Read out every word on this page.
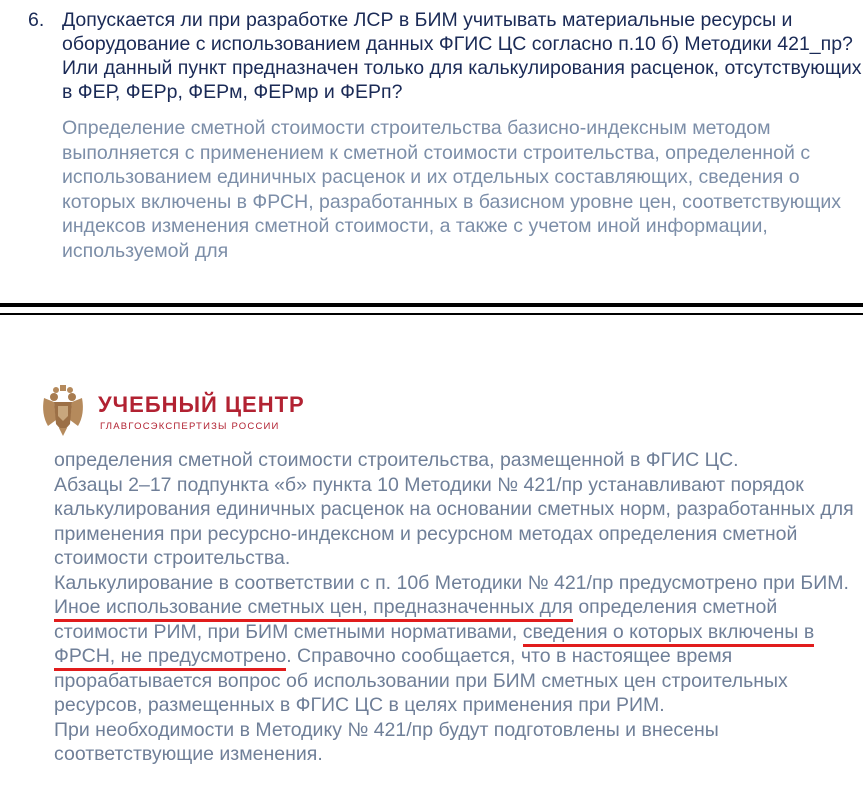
6. Допускается ли при разработке ЛСР в БИМ учитывать материальные ресурсы и оборудование с использованием данных ФГИС ЦС согласно п.10 б) Методики 421_пр? Или данный пункт предназначен только для калькулирования расценок, отсутствующих в ФЕР, ФЕРр, ФЕРм, ФЕРмр и ФЕРп?
Определение сметной стоимости строительства базисно-индексным методом выполняется с применением к сметной стоимости строительства, определенной с использованием единичных расценок и их отдельных составляющих, сведения о которых включены в ФРСН, разработанных в базисном уровне цен, соответствующих индексов изменения сметной стоимости, а также с учетом иной информации, используемой для
УЧЕБНЫЙ ЦЕНТР
ГЛАВГОСЭКСПЕРТИЗЫ РОССИИ

определения сметной стоимости строительства, размещенной в ФГИС ЦС.

Абзацы 2–17 подпункта «б» пункта 10 Методики № 421/пр устанавливают порядок калькулирования единичных расценок на основании сметных норм, разработанных для применения при ресурсно-индексном и ресурсном методах определения сметной стоимости строительства.

Калькулирование в соответствии с п. 10б Методики № 421/пр предусмотрено при БИМ. Иное использование сметных цен, предназначенных для определения сметной стоимости РИМ, при БИМ сметными нормативами, сведения о которых включены в ФРСН, не предусмотрено. Справочно сообщается, что в настоящее время прорабатывается вопрос об использовании при БИМ сметных цен строительных ресурсов, размещенных в ФГИС ЦС в целях применения при РИМ.

При необходимости в Методику № 421/пр будут подготовлены и внесены соответствующие изменения.
